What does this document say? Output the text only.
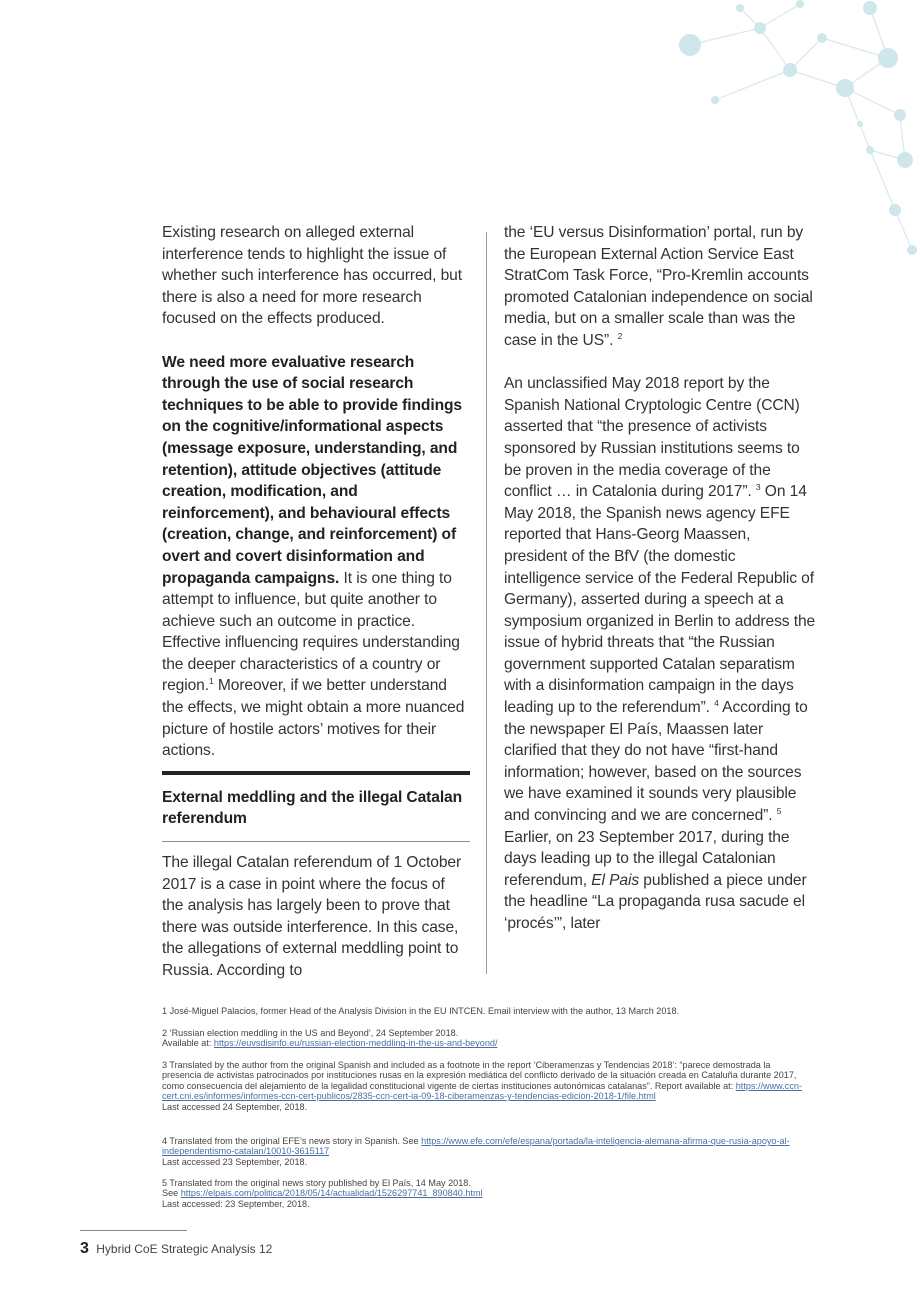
Existing research on alleged external interference tends to highlight the issue of whether such interference has occurred, but there is also a need for more research focused on the effects produced.

We need more evaluative research through the use of social research techniques to be able to provide findings on the cognitive/informational aspects (message exposure, understanding, and retention), attitude objectives (attitude creation, modification, and reinforcement), and behavioural effects (creation, change, and reinforcement) of overt and covert disinformation and propaganda campaigns. It is one thing to attempt to influence, but quite another to achieve such an outcome in practice. Effective influencing requires understanding the deeper characteristics of a country or region.$^1$ Moreover, if we better understand the effects, we might obtain a more nuanced picture of hostile actors’ motives for their actions.

External meddling and the illegal Catalan referendum

The illegal Catalan referendum of 1 October 2017 is a case in point where the focus of the analysis has largely been to prove that there was outside interference. In this case, the allegations of external meddling point to Russia. According to

the ‘EU versus Disinformation’ portal, run by the European External Action Service East StratCom Task Force, “Pro-Kremlin accounts promoted Catalonian independence on social media, but on a smaller scale than was the case in the US”. $^2$

An unclassified May 2018 report by the Spanish National Cryptologic Centre (CCN) asserted that “the presence of activists sponsored by Russian institutions seems to be proven in the media coverage of the conflict … in Catalonia during 2017”. $^3$ On 14 May 2018, the Spanish news agency EFE reported that Hans-Georg Maassen, president of the BfV (the domestic intelligence service of the Federal Republic of Germany), asserted during a speech at a symposium organized in Berlin to address the issue of hybrid threats that “the Russian government supported Catalan separatism with a disinformation campaign in the days leading up to the referendum”. $^4$ According to the newspaper El País, Maassen later clarified that they do not have “first-hand information; however, based on the sources we have examined it sounds very plausible and convincing and we are concerned”. $^5$ Earlier, on 23 September 2017, during the days leading up to the illegal Catalonian referendum, El Pais published a piece under the headline “La propaganda rusa sacude el ‘procés’”, later

1 José-Miguel Palacios, former Head of the Analysis Division in the EU INTCEN. Email interview with the author, 13 March 2018.

2 ‘Russian election meddling in the US and Beyond’, 24 September 2018.

Available at: https://euvsdisinfo.eu/russian-election-meddling-in-the-us-and-beyond/

3 Translated by the author from the original Spanish and included as a footnote in the report ‘Ciberamenzas y Tendencias 2018’: “parece demostrada la presencia de activistas patrocinados por instituciones rusas en la expresión mediática del conflicto derivado de la situación creada en Cataluña durante 2017, como consecuencia del alejamiento de la legalidad constitucional vigente de ciertas instituciones autonómicas catalanas”. Report available at: https://www.ccn-cert.cni.es/informes/informes-ccn-cert-publicos/2835-ccn-cert-ia-09-18-ciberamenzas-y-tendencias-edicion-2018-1/file.html

Last accessed 24 September, 2018.

4 Translated from the original EFE’s news story in Spanish. See https://www.efe.com/efe/espana/portada/la-inteligencia-alemana-afirma-que-rusia-apoyo-al-independentismo-catalan/10010-3615117

Last accessed 23 September, 2018.

5 Translated from the original news story published by El País, 14 May 2018.

See https://elpais.com/politica/2018/05/14/actualidad/1526297741_890840.html

Last accessed: 23 September, 2018.

3 Hybrid CoE Strategic Analysis 12
